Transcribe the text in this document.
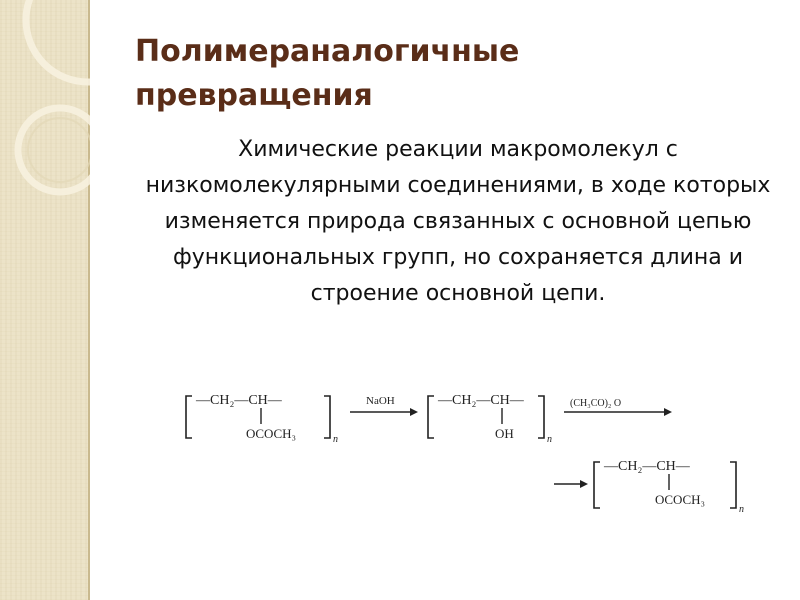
Полимераналогичные
превращения

Химические реакции макромолекул с низкомолекулярными соединениями, в ходе которых изменяется природа связанных с основной цепью функциональных групп, но сохраняется длина и строение основной цепи.

—CH₂—CH—
OCOCH₃	n
NaOH	—CH₂—CH—
OH	n
(CH₃CO)₂ O
—CH₂—CH—
OCOCH₃
n
